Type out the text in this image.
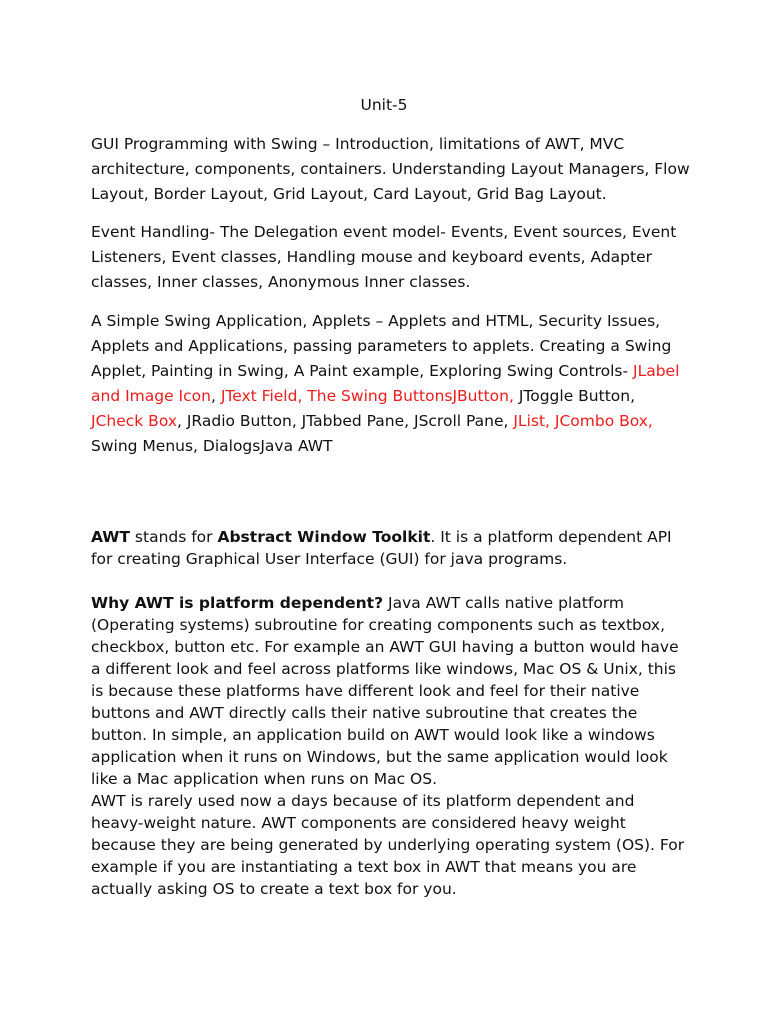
Unit-5

GUI Programming with Swing – Introduction, limitations of AWT, MVC architecture, components, containers. Understanding Layout Managers, Flow Layout, Border Layout, Grid Layout, Card Layout, Grid Bag Layout.

Event Handling- The Delegation event model- Events, Event sources, Event Listeners, Event classes, Handling mouse and keyboard events, Adapter classes, Inner classes, Anonymous Inner classes.

A Simple Swing Application, Applets – Applets and HTML, Security Issues, Applets and Applications, passing parameters to applets. Creating a Swing Applet, Painting in Swing, A Paint example, Exploring Swing Controls- JLabel and Image Icon, JText Field, The Swing ButtonsJButton, JToggle Button, JCheck Box, JRadio Button, JTabbed Pane, JScroll Pane, JList, JCombo Box, Swing Menus, DialogsJava AWT

AWT stands for Abstract Window Toolkit. It is a platform dependent API for creating Graphical User Interface (GUI) for java programs.

Why AWT is platform dependent? Java AWT calls native platform (Operating systems) subroutine for creating components such as textbox, checkbox, button etc. For example an AWT GUI having a button would have a different look and feel across platforms like windows, Mac OS & Unix, this is because these platforms have different look and feel for their native buttons and AWT directly calls their native subroutine that creates the button. In simple, an application build on AWT would look like a windows application when it runs on Windows, but the same application would look like a Mac application when runs on Mac OS.

AWT is rarely used now a days because of its platform dependent and heavy-weight nature. AWT components are considered heavy weight because they are being generated by underlying operating system (OS). For example if you are instantiating a text box in AWT that means you are actually asking OS to create a text box for you.
